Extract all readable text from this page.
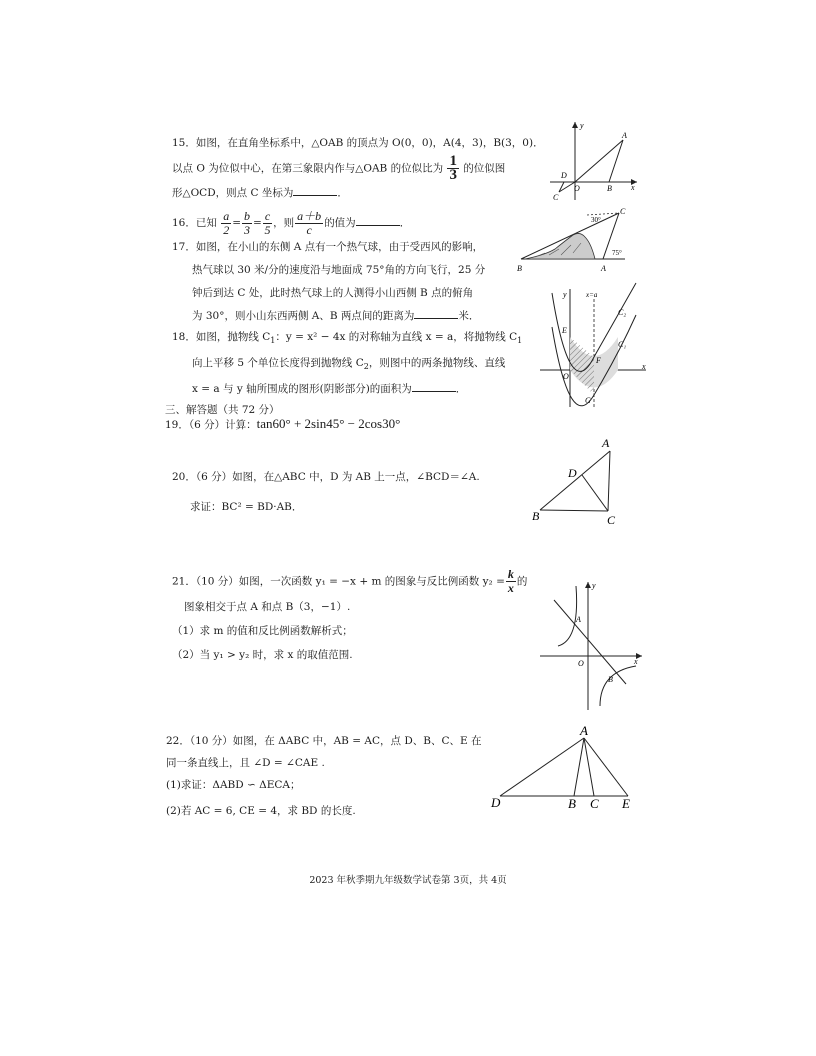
15．如图，在直角坐标系中，△OAB 的顶点为 O(0，0)，A(4，3)，B(3，0)．
以点 O 为位似中心，在第三象限内作与△OAB 的位似比为 $\frac{1}{3}$ 的位似图
形△OCD，则点 C 坐标为	．
y
A
D
O	B x
C
16．已知 $\frac{a}{2} = \frac{b}{3} = \frac{c}{5}$ ，则 $\frac{a+b}{c}$ 的值为	．
17．如图，在小山的东侧 A 点有一个热气球，由于受西风的影响，
热气球以 30 米/分的速度沿与地面成 75°角的方向飞行，25 分
钟后到达 C 处，此时热气球上的人测得小山西侧 B 点的俯角
为 30°，则小山东西两侧 A、B 两点间的距离为	米．
C
30°
75°
B	A
18．如图，抛物线 $C_1$：y = x² − 4x 的对称轴为直线 x = a，将抛物线 $C_1$
向上平移 5 个单位长度得到抛物线 $C_2$，则图中的两条抛物线、直线
x = a 与 y 轴所围成的图形(阴影部分)的面积为	．
y	x=a
C₂
E
C₁
F
O
x
G
三、解答题（共 72 分）
19．（6 分）计算：tan60° + 2sin45° − 2cos30°
20．（6 分）如图，在△ABC 中，D 为 AB 上一点，∠BCD＝∠A.
求证：BC² = BD·AB．
A
D
B	C
21．（10 分）如图，一次函数 y₁ = −x + m 的图象与反比例函数 $y_2 = \frac{k}{x}$ 的
图象相交于点 A 和点 B（3，−1）.
（1）求 m 的值和反比例函数解析式；
（2）当 y₁ > y₂ 时，求 x 的取值范围.
y
A
O	x
B
22．（10 分）如图，在 ΔABC 中，AB = AC，点 D、B、C、E 在
同一条直线上，且 ∠D = ∠CAE .
(1)求证：ΔABD ∽ ΔECA；
(2)若 AC = 6, CE = 4，求 BD 的长度.
A
D	B C E
2023 年秋季期九年级数学试卷第 3页，共 4页
